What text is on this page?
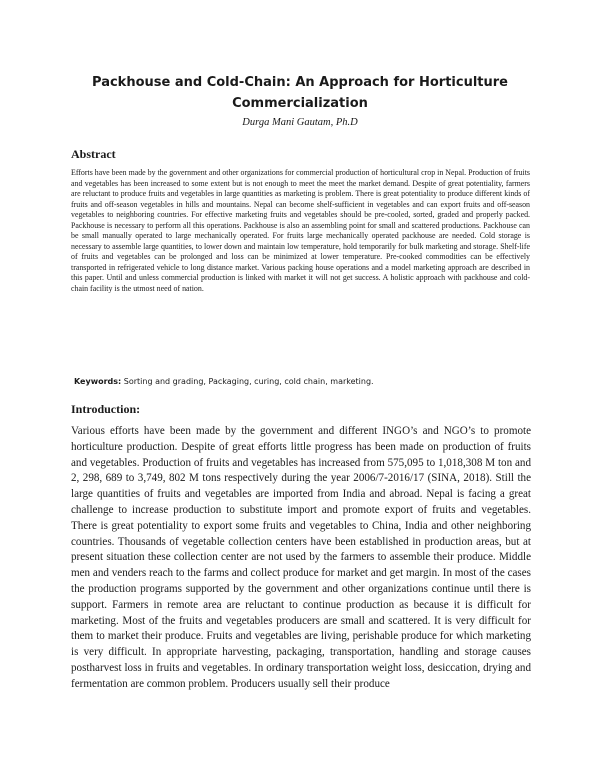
Packhouse and Cold-Chain: An Approach for Horticulture
Commercialization

Durga Mani Gautam, Ph.D

Abstract

Efforts have been made by the government and other organizations for commercial production of horticultural crop in Nepal. Production of fruits and vegetables has been increased to some extent but is not enough to meet the meet the market demand. Despite of great potentiality, farmers are reluctant to produce fruits and vegetables in large quantities as marketing is problem. There is great potentiality to produce different kinds of fruits and off-season vegetables in hills and mountains. Nepal can become shelf-sufficient in vegetables and can export fruits and off-season vegetables to neighboring countries. For effective marketing fruits and vegetables should be pre-cooled, sorted, graded and properly packed. Packhouse is necessary to perform all this operations. Packhouse is also an assembling point for small and scattered productions. Packhouse can be small manually operated to large mechanically operated. For fruits large mechanically operated packhouse are needed. Cold storage is necessary to assemble large quantities, to lower down and maintain low temperature, hold temporarily for bulk marketing and storage. Shelf-life of fruits and vegetables can be prolonged and loss can be minimized at lower temperature. Pre-cooked commodities can be effectively transported in refrigerated vehicle to long distance market. Various packing house operations and a model marketing approach are described in this paper. Until and unless commercial production is linked with market it will not get success. A holistic approach with packhouse and cold-chain facility is the utmost need of nation.

Keywords: Sorting and grading, Packaging, curing, cold chain, marketing.

Introduction:

Various efforts have been made by the government and different INGO’s and NGO’s to promote horticulture production. Despite of great efforts little progress has been made on production of fruits and vegetables. Production of fruits and vegetables has increased from 575,095 to 1,018,308 M ton and 2, 298, 689 to 3,749, 802 M tons respectively during the year 2006/7-2016/17 (SINA, 2018). Still the large quantities of fruits and vegetables are imported from India and abroad. Nepal is facing a great challenge to increase production to substitute import and promote export of fruits and vegetables. There is great potentiality to export some fruits and vegetables to China, India and other neighboring countries. Thousands of vegetable collection centers have been established in production areas, but at present situation these collection center are not used by the farmers to assemble their produce. Middle men and venders reach to the farms and collect produce for market and get margin. In most of the cases the production programs supported by the government and other organizations continue until there is support. Farmers in remote area are reluctant to continue production as because it is difficult for marketing. Most of the fruits and vegetables producers are small and scattered. It is very difficult for them to market their produce. Fruits and vegetables are living, perishable produce for which marketing is very difficult. In appropriate harvesting, packaging, transportation, handling and storage causes postharvest loss in fruits and vegetables. In ordinary transportation weight loss, desiccation, drying and fermentation are common problem. Producers usually sell their produce
